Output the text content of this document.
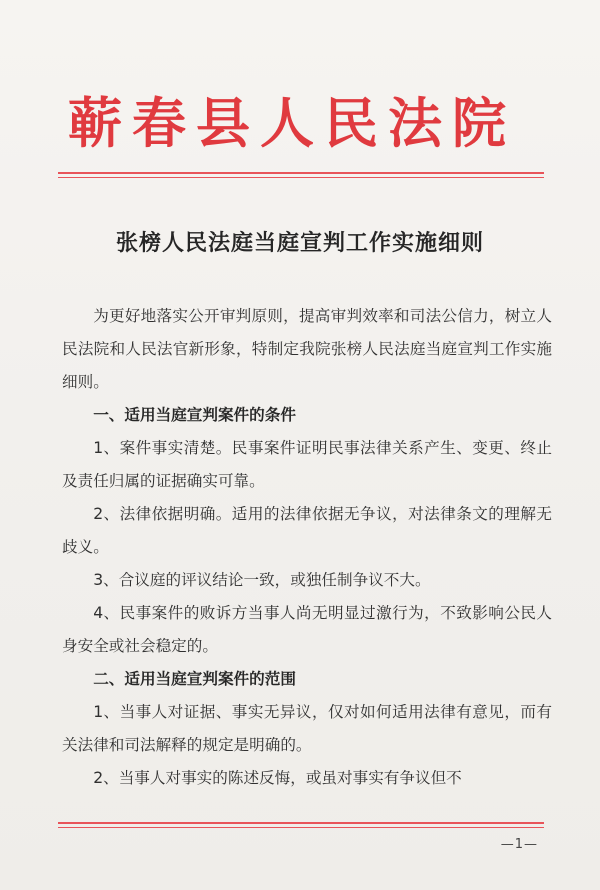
蕲春县人民法院
张榜人民法庭当庭宣判工作实施细则

为更好地落实公开审判原则，提高审判效率和司法公信力，树立人民法院和人民法官新形象，特制定我院张榜人民法庭当庭宣判工作实施细则。

一、适用当庭宣判案件的条件

1、案件事实清楚。民事案件证明民事法律关系产生、变更、终止及责任归属的证据确实可靠。

2、法律依据明确。适用的法律依据无争议，对法律条文的理解无歧义。

3、合议庭的评议结论一致，或独任制争议不大。

4、民事案件的败诉方当事人尚无明显过激行为，不致影响公民人身安全或社会稳定的。

二、适用当庭宣判案件的范围

1、当事人对证据、事实无异议，仅对如何适用法律有意见，而有关法律和司法解释的规定是明确的。

2、当事人对事实的陈述反悔，或虽对事实有争议但不

—1—
